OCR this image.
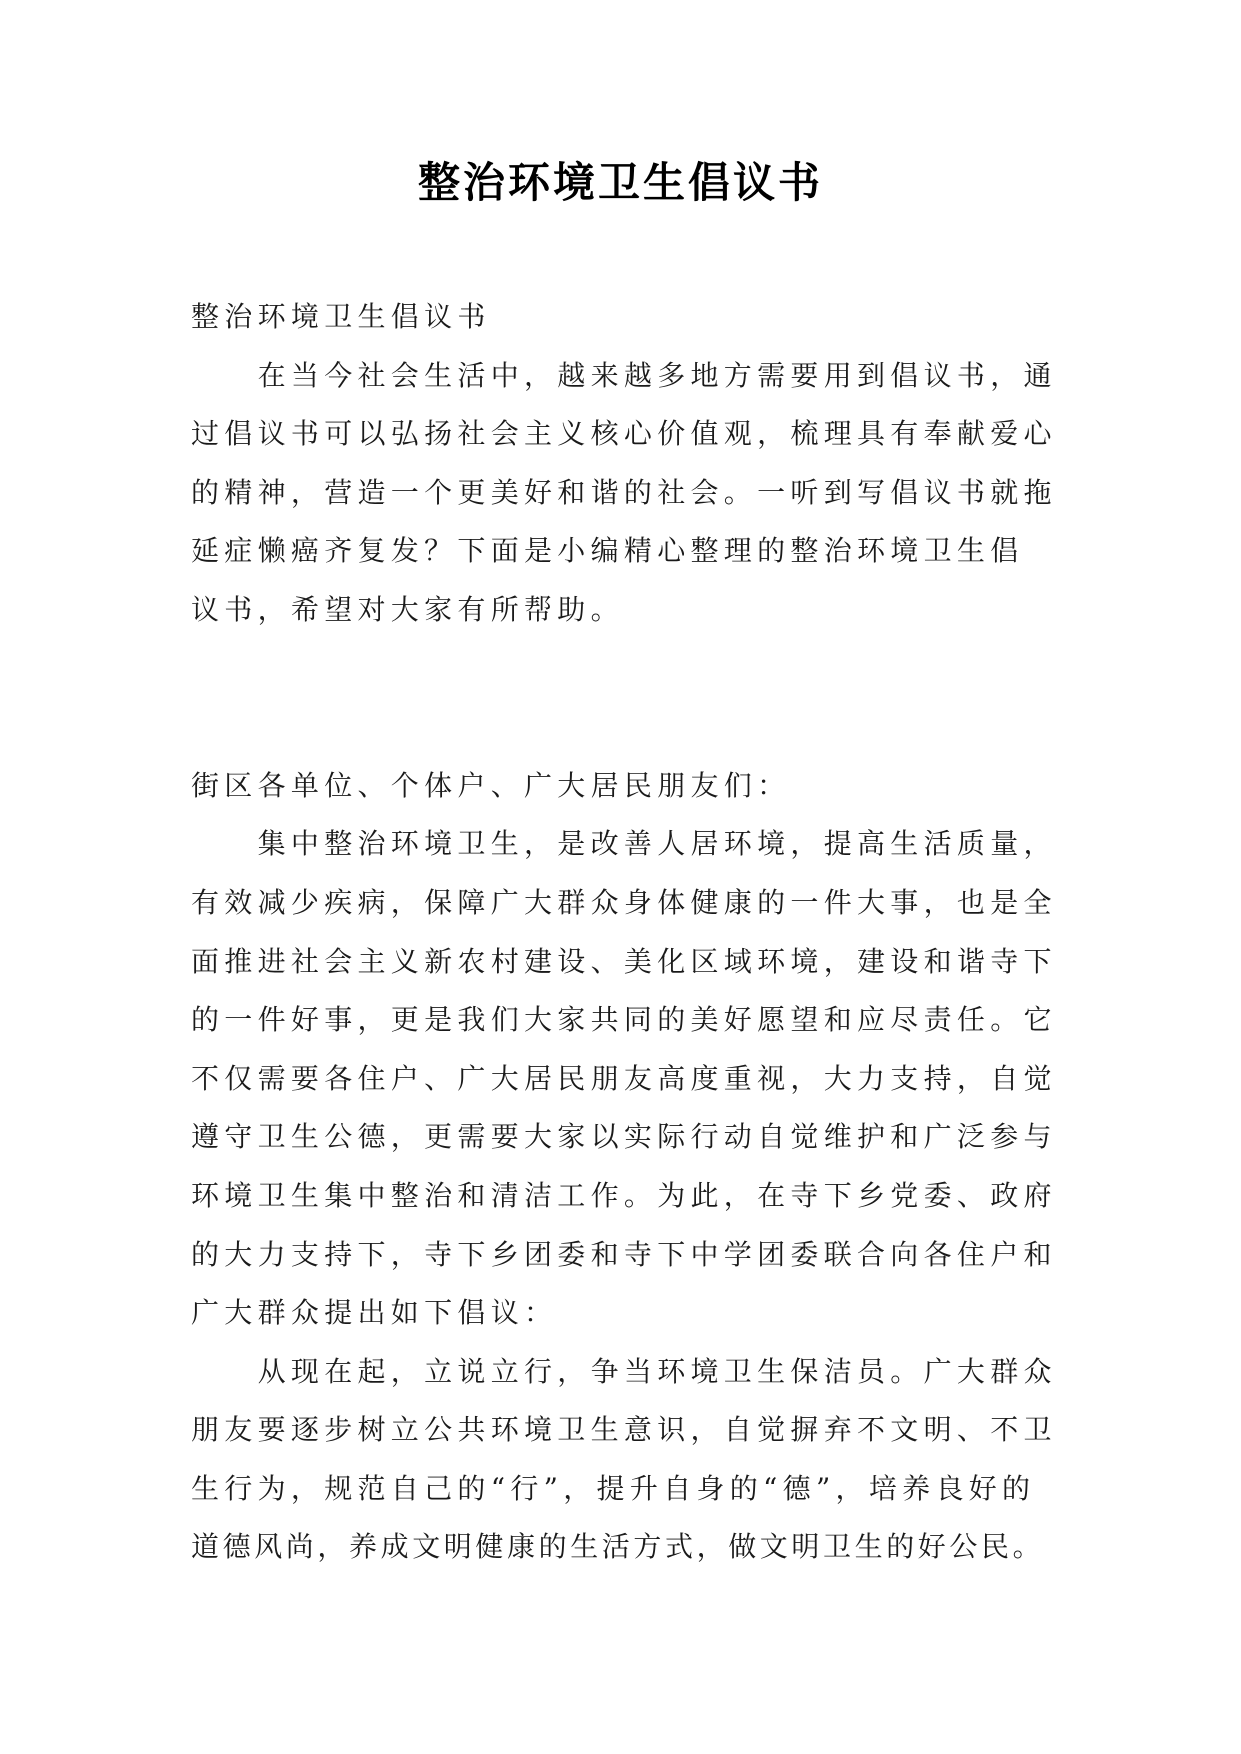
整治环境卫生倡议书
整治环境卫生倡议书
在当今社会生活中，越来越多地方需要用到倡议书，通
过倡议书可以弘扬社会主义核心价值观，梳理具有奉献爱心
的精神，营造一个更美好和谐的社会。一听到写倡议书就拖
延症懒癌齐复发？下面是小编精心整理的整治环境卫生倡
议书，希望对大家有所帮助。
街区各单位、个体户、广大居民朋友们：
集中整治环境卫生，是改善人居环境，提高生活质量，
有效减少疾病，保障广大群众身体健康的一件大事，也是全
面推进社会主义新农村建设、美化区域环境，建设和谐寺下
的一件好事，更是我们大家共同的美好愿望和应尽责任。它
不仅需要各住户、广大居民朋友高度重视，大力支持，自觉
遵守卫生公德，更需要大家以实际行动自觉维护和广泛参与
环境卫生集中整治和清洁工作。为此，在寺下乡党委、政府
的大力支持下，寺下乡团委和寺下中学团委联合向各住户和
广大群众提出如下倡议：
从现在起，立说立行，争当环境卫生保洁员。广大群众
朋友要逐步树立公共环境卫生意识，自觉摒弃不文明、不卫
生行为，规范自己的“行”，提升自身的“德”，培养良好的
道德风尚，养成文明健康的生活方式，做文明卫生的好公民。
